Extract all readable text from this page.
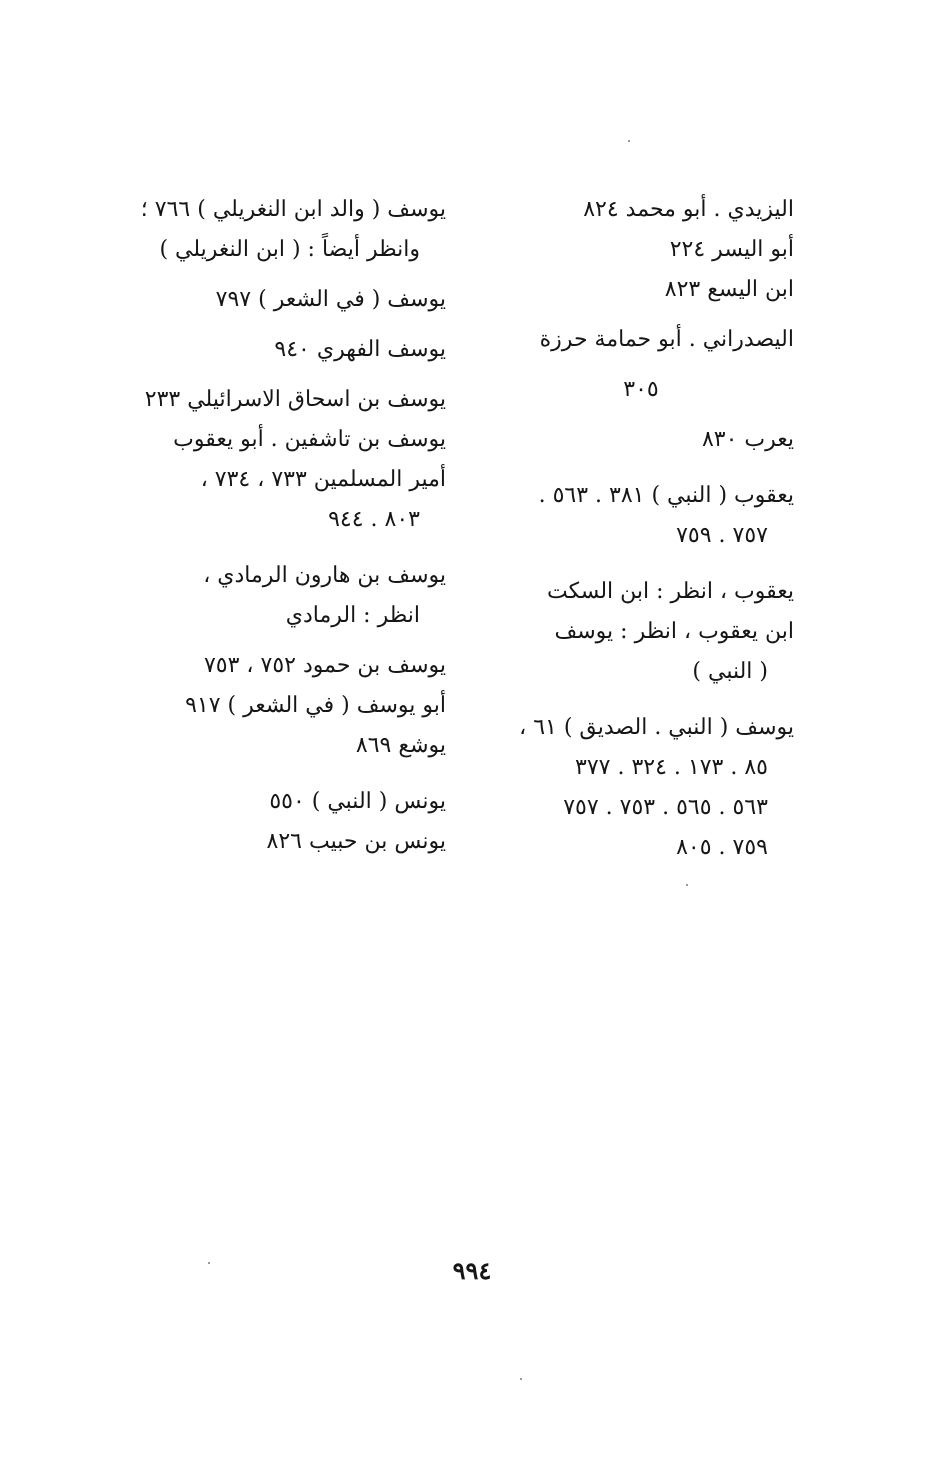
اليزيدي . أبو محمد ٨٢٤
أبو اليسر ٢٢٤
ابن اليسع ٨٢٣
اليصدراني . أبو حمامة حرزة
٣٠٥
يعرب ٨٣٠
يعقوب ( النبي ) ٣٨١ . ٥٦٣ .
٧٥٧ . ٧٥٩
يعقوب ، انظر : ابن السكت
ابن يعقوب ، انظر : يوسف
( النبي )
يوسف ( النبي . الصديق ) ٦١ ،
٨٥ . ١٧٣ . ٣٢٤ . ٣٧٧
٥٦٣ . ٥٦٥ . ٧٥٣ . ٧٥٧
٧٥٩ . ٨٠٥
يوسف ( والد ابن النغريلي ) ٧٦٦ ؛
وانظر أيضاً : ( ابن النغريلي )
يوسف ( في الشعر ) ٧٩٧
يوسف الفهري ٩٤٠
يوسف بن اسحاق الاسرائيلي ٢٣٣
يوسف بن تاشفين . أبو يعقوب
أمير المسلمين ٧٣٣ ، ٧٣٤ ،
٨٠٣ . ٩٤٤
يوسف بن هارون الرمادي ،
انظر : الرمادي
يوسف بن حمود ٧٥٢ ، ٧٥٣
أبو يوسف ( في الشعر ) ٩١٧
يوشع ٨٦٩
يونس ( النبي ) ٥٥٠
يونس بن حبيب ٨٢٦
٩٩٤
